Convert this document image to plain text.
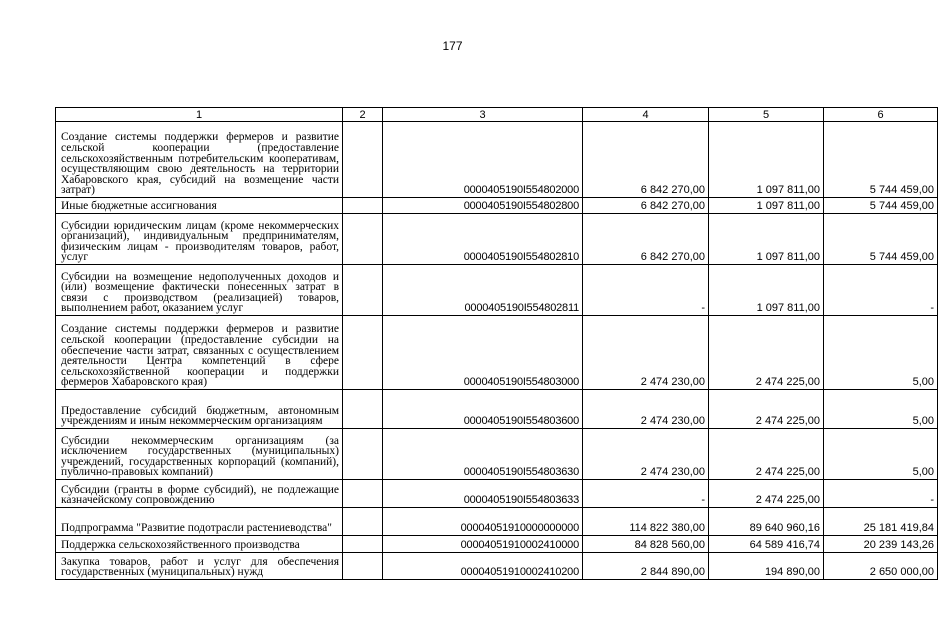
177
1	2	3	4	5	6
Создание системы поддержки фермеров и развитие сельской кооперации (предоставление сельскохозяйственным потребительским кооперативам, осуществляющим свою деятельность на территории Хабаровского края, субсидий на возмещение части затрат)		0000405190I554802000	6 842 270,00	1 097 811,00	5 744 459,00
Иные бюджетные ассигнования		0000405190I554802800	6 842 270,00	1 097 811,00	5 744 459,00
Субсидии юридическим лицам (кроме некоммерческих организаций), индивидуальным предпринимателям, физическим лицам - производителям товаров, работ, услуг		0000405190I554802810	6 842 270,00	1 097 811,00	5 744 459,00
Субсидии на возмещение недополученных доходов и (или) возмещение фактически понесенных затрат в связи с производством (реализацией) товаров, выполнением работ, оказанием услуг		0000405190I554802811	-	1 097 811,00	-
Создание системы поддержки фермеров и развитие сельской кооперации (предоставление субсидии на обеспечение части затрат, связанных с осуществлением деятельности Центра компетенций в сфере сельскохозяйственной кооперации и поддержки фермеров Хабаровского края)		0000405190I554803000	2 474 230,00	2 474 225,00	5,00
Предоставление субсидий бюджетным, автономным учреждениям и иным некоммерческим организациям		0000405190I554803600	2 474 230,00	2 474 225,00	5,00
Субсидии некоммерческим организациям (за исключением государственных (муниципальных) учреждений, государственных корпораций (компаний), публично-правовых компаний)		0000405190I554803630	2 474 230,00	2 474 225,00	5,00
Субсидии (гранты в форме субсидий), не подлежащие казначейскому сопровождению		0000405190I554803633	-	2 474 225,00	-
Подпрограмма "Развитие подотрасли растениеводства"		00004051910000000000	114 822 380,00	89 640 960,16	25 181 419,84
Поддержка сельскохозяйственного производства		00004051910002410000	84 828 560,00	64 589 416,74	20 239 143,26
Закупка товаров, работ и услуг для обеспечения государственных (муниципальных) нужд		00004051910002410200	2 844 890,00	194 890,00	2 650 000,00
